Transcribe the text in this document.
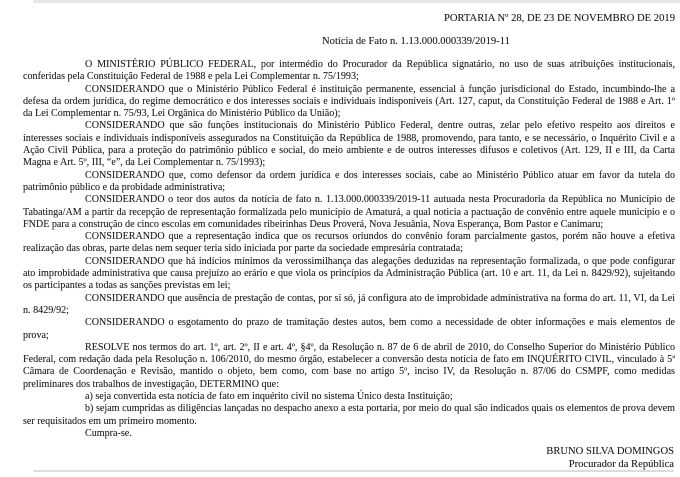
PORTARIA Nº 28, DE 23 DE NOVEMBRO DE 2019
Notícia de Fato n. 1.13.000.000339/2019-11

O MINISTÉRIO PÚBLICO FEDERAL, por intermédio do Procurador da República signatário, no uso de suas atribuições institucionais, conferidas pela Constituição Federal de 1988 e pela Lei Complementar n. 75/1993;

CONSIDERANDO que o Ministério Público Federal é instituição permanente, essencial à função jurisdicional do Estado, incumbindo-lhe a defesa da ordem jurídica, do regime democrático e dos interesses sociais e individuais indisponíveis (Art. 127, caput, da Constituição Federal de 1988 e Art. 1º da Lei Complementar n. 75/93, Lei Orgânica do Ministério Público da União);

CONSIDERANDO que são funções institucionais do Ministério Público Federal, dentre outras, zelar pelo efetivo respeito aos direitos e interesses sociais e individuais indisponíveis assegurados na Constituição da República de 1988, promovendo, para tanto, e se necessário, o Inquérito Civil e a Ação Civil Pública, para a proteção do patrimônio público e social, do meio ambiente e de outros interesses difusos e coletivos (Art. 129, II e III, da Carta Magna e Art. 5º, III, “e”, da Lei Complementar n. 75/1993);

CONSIDERANDO que, como defensor da ordem jurídica e dos interesses sociais, cabe ao Ministério Público atuar em favor da tutela do patrimônio público e da probidade administrativa;

CONSIDERANDO o teor dos autos da notícia de fato n. 1.13.000.000339/2019-11 autuada nesta Procuradoria da República no Município de Tabatinga/AM a partir da recepção de representação formalizada pelo município de Amaturá, a qual noticia a pactuação de convênio entre aquele município e o FNDE para a construção de cinco escolas em comunidades ribeirinhas Deus Proverá, Nova Jesuânia, Nova Esperança, Bom Pastor e Canimaru;

CONSIDERANDO que a representação indica que os recursos oriundos do convênio foram parcialmente gastos, porém não houve a efetiva realização das obras, parte delas nem sequer teria sido iniciada por parte da sociedade empresária contratada;

CONSIDERANDO que há indícios mínimos da verossimilhança das alegações deduzidas na representação formalizada, o que pode configurar ato improbidade administrativa que causa prejuízo ao erário e que viola os princípios da Administração Pública (art. 10 e art. 11, da Lei n. 8429/92), sujeitando os participantes a todas as sanções previstas em lei;

CONSIDERANDO que ausência de prestação de contas, por si só, já configura ato de improbidade administrativa na forma do art. 11, VI, da Lei n. 8429/92;

CONSIDERANDO o esgotamento do prazo de tramitação destes autos, bem como a necessidade de obter informações e mais elementos de prova;

RESOLVE nos termos do art. 1º, art. 2º, II e art. 4º, §4º, da Resolução n. 87 de 6 de abril de 2010, do Conselho Superior do Ministério Público Federal, com redação dada pela Resolução n. 106/2010, do mesmo órgão, estabelecer a conversão desta notícia de fato em INQUÉRITO CIVIL, vinculado à 5ª Câmara de Coordenação e Revisão, mantido o objeto, bem como, com base no artigo 5º, inciso IV, da Resolução n. 87/06 do CSMPF, como medidas preliminares dos trabalhos de investigação, DETERMINO que:

a) seja convertida esta notícia de fato em inquérito civil no sistema Único desta Instituição;

b) sejam cumpridas as diligências lançadas no despacho anexo a esta portaria, por meio do qual são indicados quais os elementos de prova devem ser requisitados em um primeiro momento.

Cumpra-se.

BRUNO SILVA DOMINGOS
Procurador da República
